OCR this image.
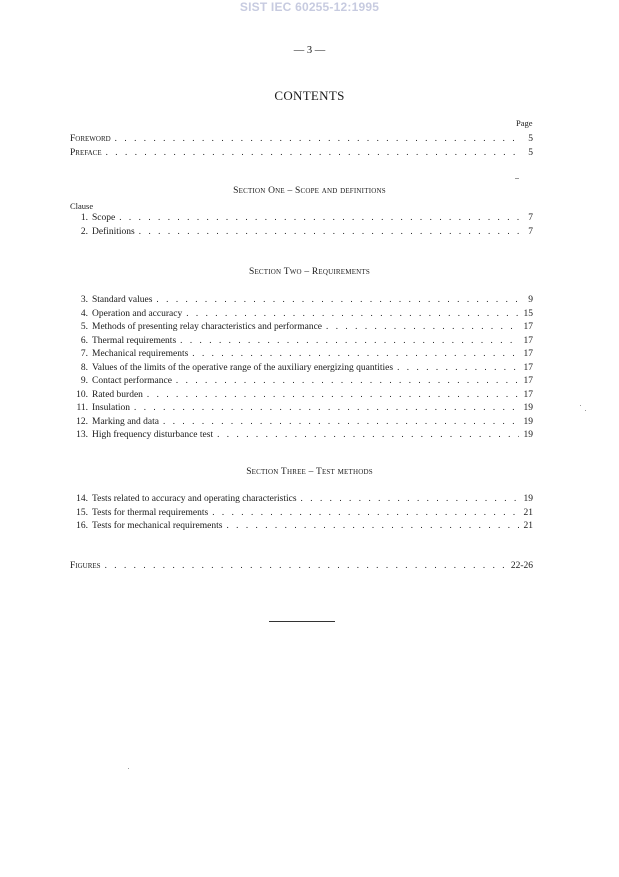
SIST IEC 60255-12:1995
— 3 —
CONTENTS
Page
Foreword . . .	5
Preface . . .	5
Section One – Scope and definitions
Clause
1. Scope . . .	7
2. Definitions . . .	7
Section Two – Requirements
3. Standard values . . .	9
4. Operation and accuracy . . .	15
5. Methods of presenting relay characteristics and performance . . .	17
6. Thermal requirements . . .	17
7. Mechanical requirements . . .	17
8. Values of the limits of the operative range of the auxiliary energizing quantities . . .	17
9. Contact performance . . .	17
10. Rated burden . . .	17
11. Insulation . . .	19
12. Marking and data . . .	19
13. High frequency disturbance test . . .	19
Section Three – Test methods
14. Tests related to accuracy and operating characteristics . . .	19
15. Tests for thermal requirements . . .	21
16. Tests for mechanical requirements . . .	21
Figures . . .	22-26
